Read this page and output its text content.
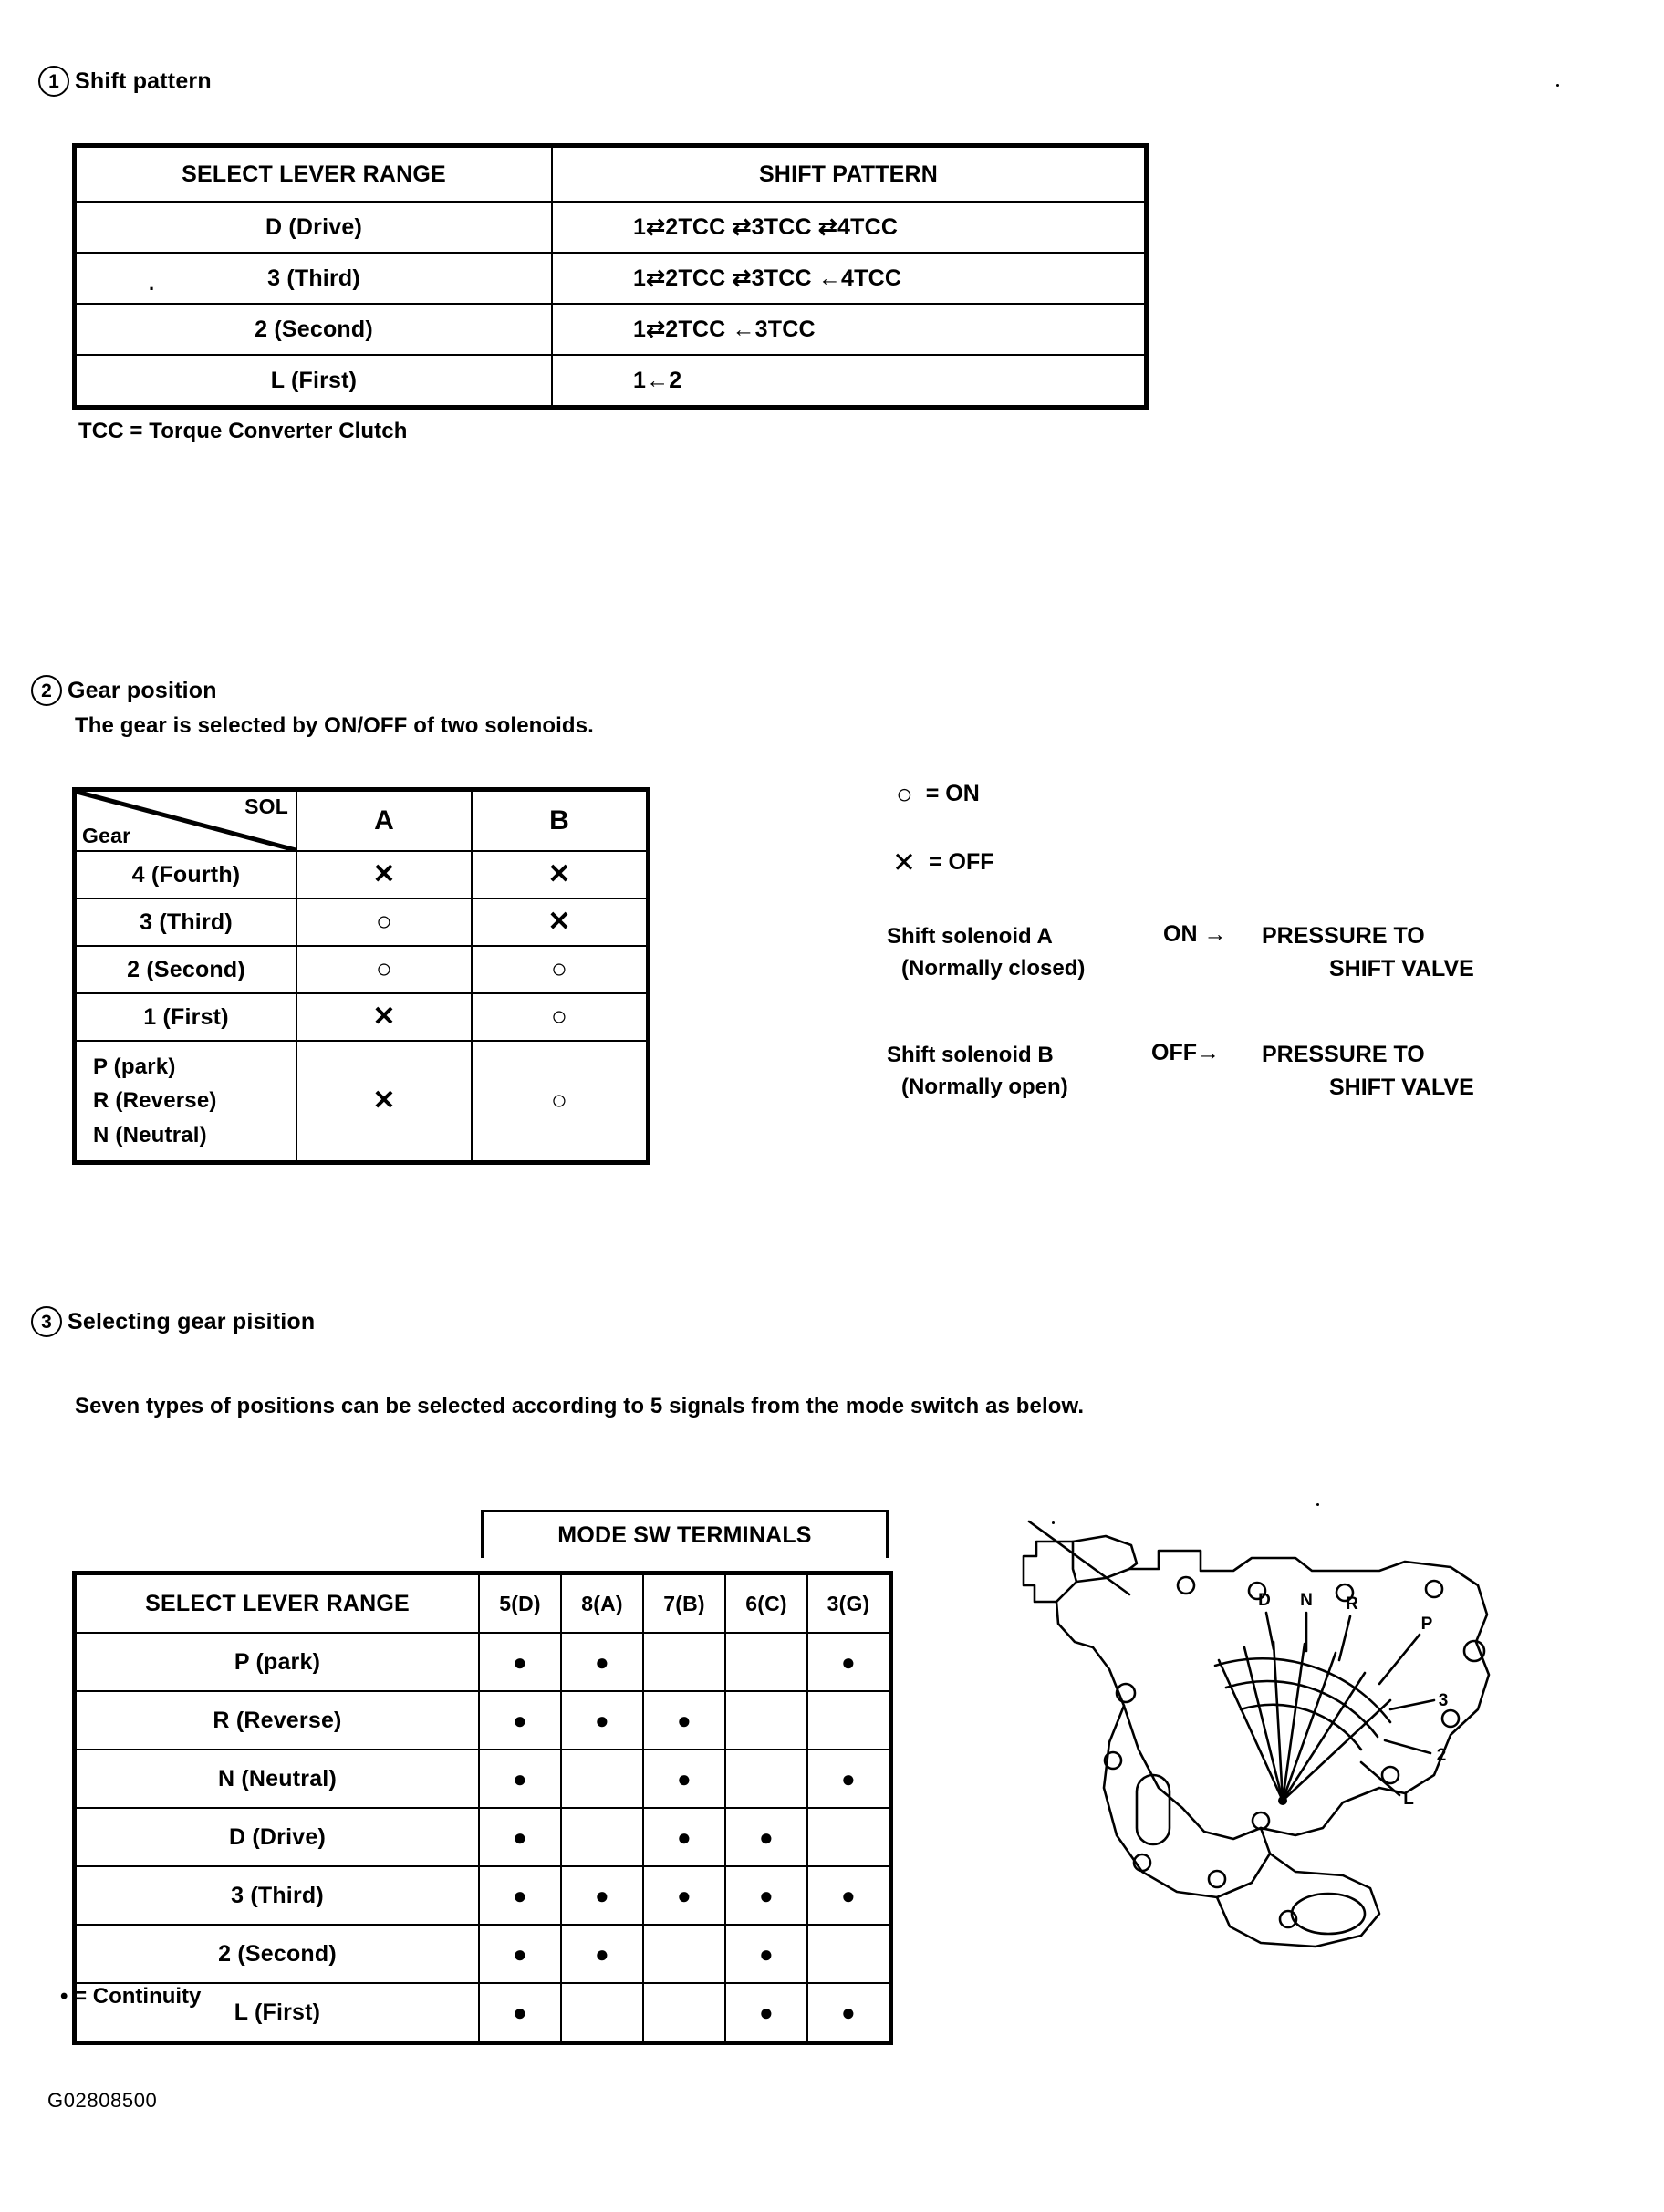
1 Shift pattern
SELECT LEVER RANGE	SHIFT PATTERN
D (Drive)	1⇄2TCC ⇄3TCC ⇄4TCC
3 (Third)	1⇄2TCC ⇄3TCC ←4TCC
2 (Second)	1⇄2TCC ←3TCC
L (First)	1←2
.
TCC = Torque Converter Clutch
2 Gear position
The gear is selected by ON/OFF of two solenoids.
SOL
Gear	A	B
4 (Fourth)	✕	✕
3 (Third)	○	✕
2 (Second)	○	○
1 (First)	✕	○

P (park)
R (Reverse)
N (Neutral)	✕	○
○ = ON
✕ = OFF
Shift solenoid A
(Normally closed)
ON → PRESSURE TO
SHIFT VALVE
Shift solenoid B
(Normally open)
OFF→ PRESSURE TO
SHIFT VALVE
3 Selecting gear pisition
Seven types of positions can be selected according to 5 signals from the mode switch as below.
MODE SW TERMINALS
SELECT LEVER RANGE	5(D)	8(A)	7(B)	6(C)	3(G)
P (park)	●	●			●
R (Reverse)	●	●	●		
N (Neutral)	●		●		●
D (Drive)	●		●	●	
3 (Third)	●	●	●	●	●
2 (Second)	●	●		●	
L (First)	●			●	●
• = Continuity
D N R
P
3
2
L
G02808500
